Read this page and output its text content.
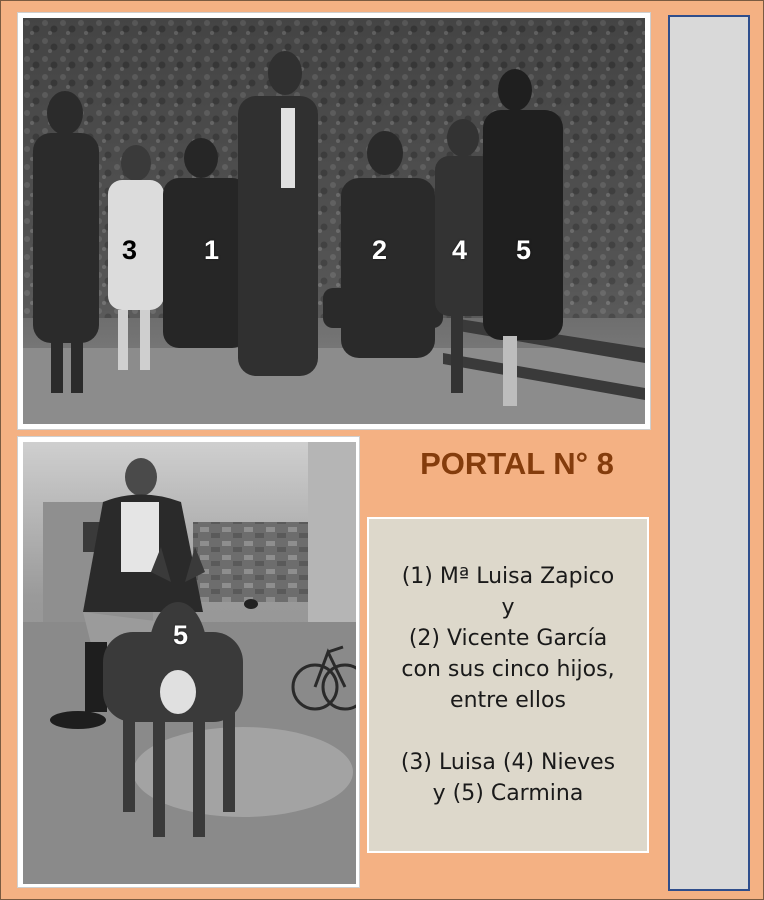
3 1	2 4 5
5
PORTAL N° 8
(1) Mª Luisa Zapico
y
(2) Vicente García
con sus cinco hijos,
entre ellos
(3) Luisa (4) Nieves
y (5) Carmina
